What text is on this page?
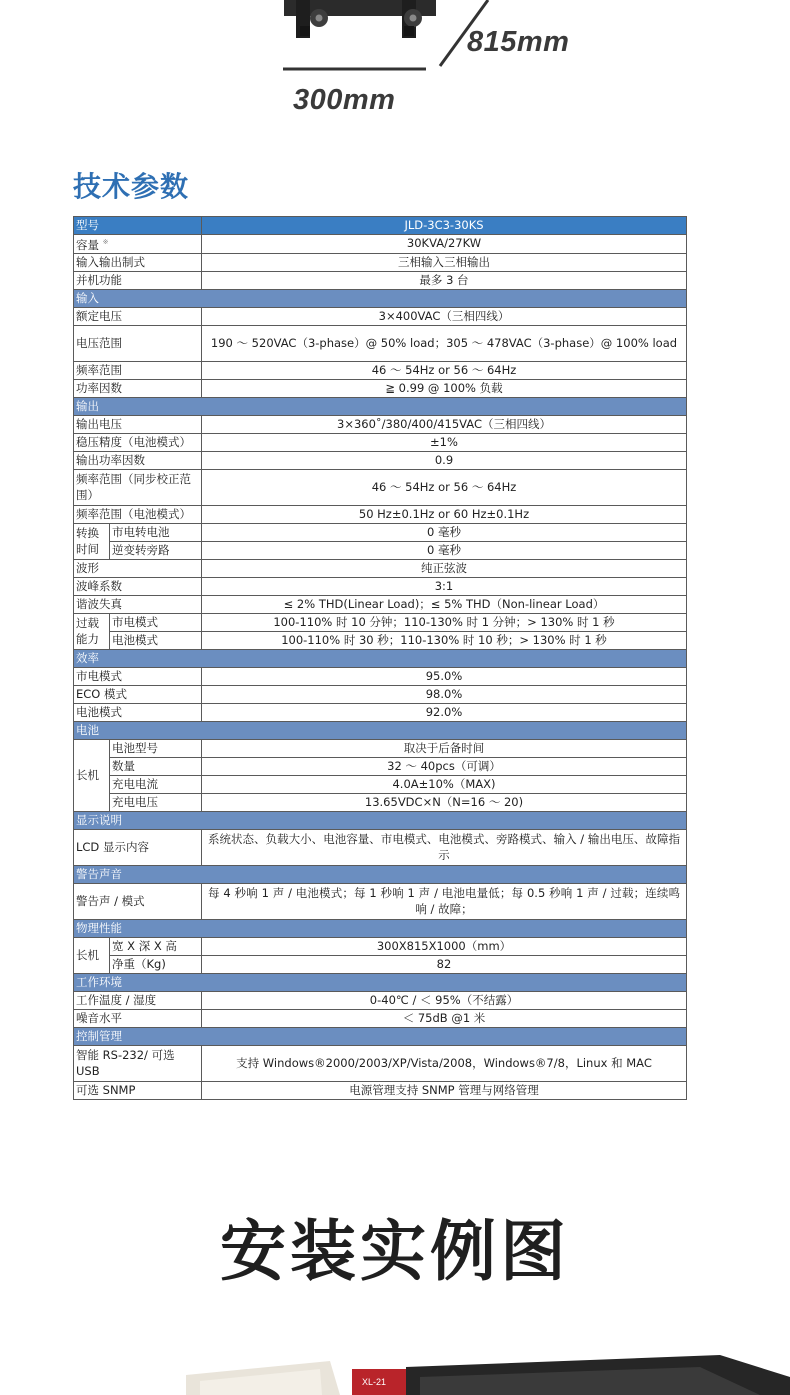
815mm
300mm
技术参数
型号		JLD-3C3-30KS
容量 ※		30KVA/27KW
输入输出制式		三相输入三相输出
并机功能		最多 3 台
输入		
额定电压		3×400VAC（三相四线）
电压范围		190 ～ 520VAC（3-phase）@ 50% load；305 ～ 478VAC（3-phase）@ 100% load
频率范围		46 ～ 54Hz or 56 ～ 64Hz
功率因数		≧ 0.99 @ 100% 负载
输出		
输出电压		3×360˚/380/400/415VAC（三相四线）
稳压精度（电池模式）		±1%
输出功率因数		0.9
频率范围（同步校正范围）		46 ～ 54Hz or 56 ～ 64Hz
频率范围（电池模式）		50 Hz±0.1Hz or 60 Hz±0.1Hz
转换时间	市电转电池	0 毫秒
	逆变转旁路	0 毫秒
波形		纯正弦波
波峰系数		3:1
谐波失真		≤ 2% THD(Linear Load)；≤ 5% THD（Non-linear Load）
过载能力	市电模式	100-110% 时 10 分钟；110-130% 时 1 分钟；> 130% 时 1 秒
	电池模式	100-110% 时 30 秒；110-130% 时 10 秒；> 130% 时 1 秒
效率		
市电模式		95.0%
ECO 模式		98.0%
电池模式		92.0%
电池		
长机	电池型号	取决于后备时间
	数量	32 ～ 40pcs（可调）
	充电电流	4.0A±10%（MAX)
	充电电压	13.65VDC×N（N=16 ～ 20)
显示说明		
LCD 显示内容		系统状态、负载大小、电池容量、市电模式、电池模式、旁路模式、输入 / 输出电压、故障指示
警告声音		
警告声 / 模式		每 4 秒响 1 声 / 电池模式；每 1 秒响 1 声 / 电池电量低；每 0.5 秒响 1 声 / 过载；连续鸣响 / 故障；
物理性能		
长机	宽 X 深 X 高	300X815X1000（mm）
	净重（Kg)	82
工作环境		
工作温度 / 湿度		0-40℃ / ＜ 95%（不结露）
噪音水平		＜ 75dB @1 米
控制管理		
智能 RS-232/ 可选 USB		支持 Windows®2000/2003/XP/Vista/2008，Windows®7/8，Linux 和 MAC
可选 SNMP		电源管理支持 SNMP 管理与网络管理
安装实例图
XL-21
